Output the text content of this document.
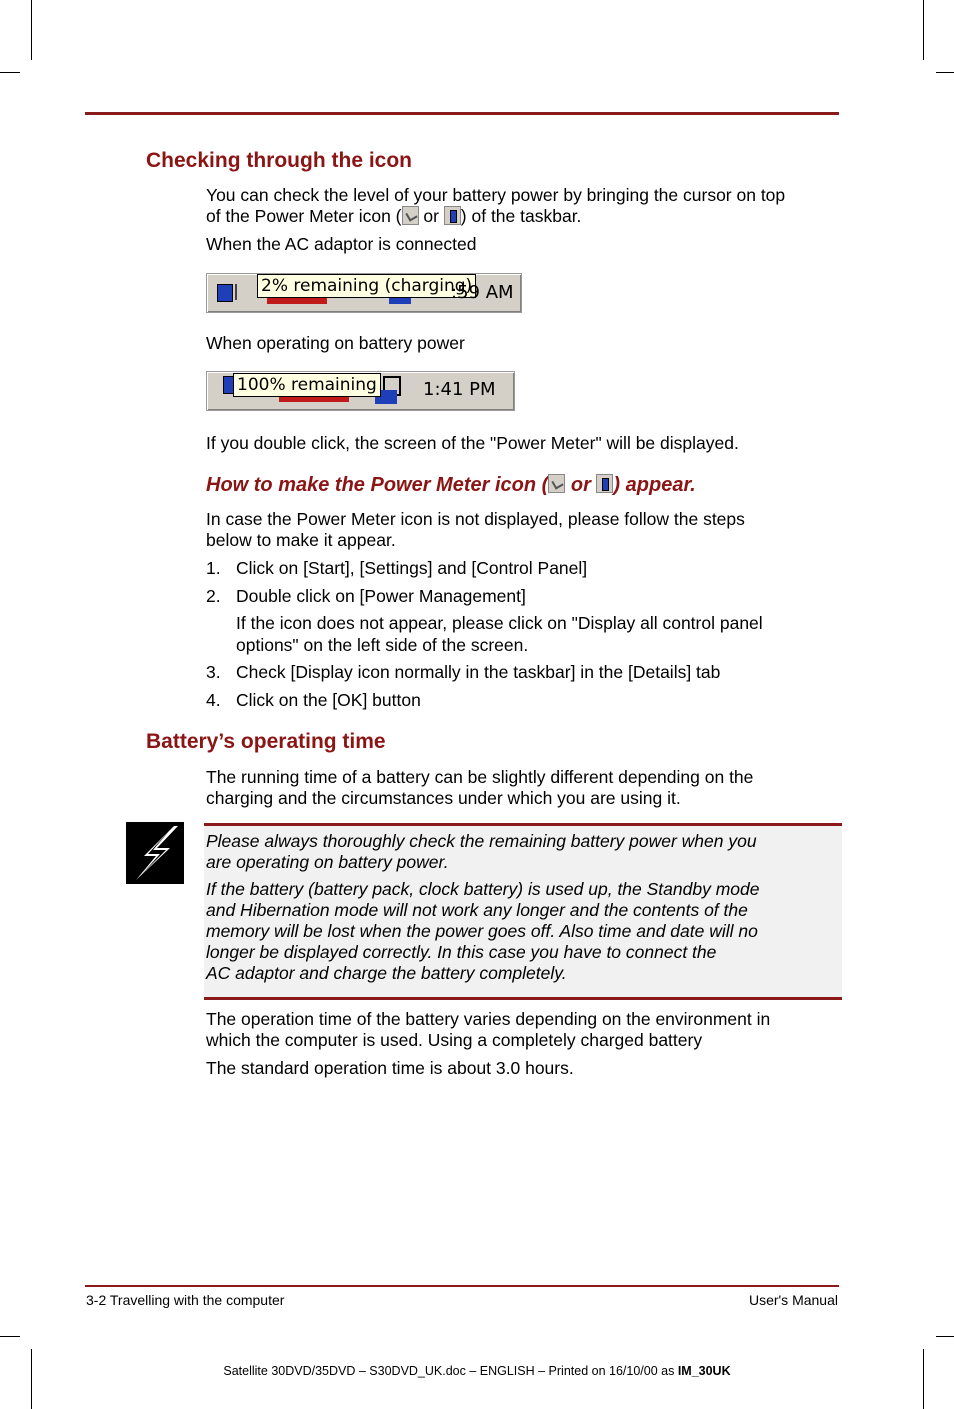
Checking through the icon
You can check the level of your battery power by bringing the cursor on top
of the Power Meter icon ( or ) of the taskbar.
When the AC adaptor is connected
2% remaining (charging)
:59 AM
When operating on battery power
100% remaining	1:41 PM
If you double click, the screen of the "Power Meter" will be displayed.
How to make the Power Meter icon ( or ) appear.
In case the Power Meter icon is not displayed, please follow the steps
below to make it appear.
1. Click on [Start], [Settings] and [Control Panel]
2. Double click on [Power Management]
If the icon does not appear, please click on "Display all control panel
options" on the left side of the screen.
3. Check [Display icon normally in the taskbar] in the [Details] tab
4. Click on the [OK] button
Battery’s operating time
The running time of a battery can be slightly different depending on the
charging and the circumstances under which you are using it.
Please always thoroughly check the remaining battery power when you
are operating on battery power.
If the battery (battery pack, clock battery) is used up, the Standby mode
and Hibernation mode will not work any longer and the contents of the
memory will be lost when the power goes off. Also time and date will no
longer be displayed correctly. In this case you have to connect the
AC adaptor and charge the battery completely.
The operation time of the battery varies depending on the environment in
which the computer is used. Using a completely charged battery
The standard operation time is about 3.0 hours.
3-2 Travelling with the computer	User's Manual
Satellite 30DVD/35DVD – S30DVD_UK.doc – ENGLISH – Printed on 16/10/00 as IM_30UK
